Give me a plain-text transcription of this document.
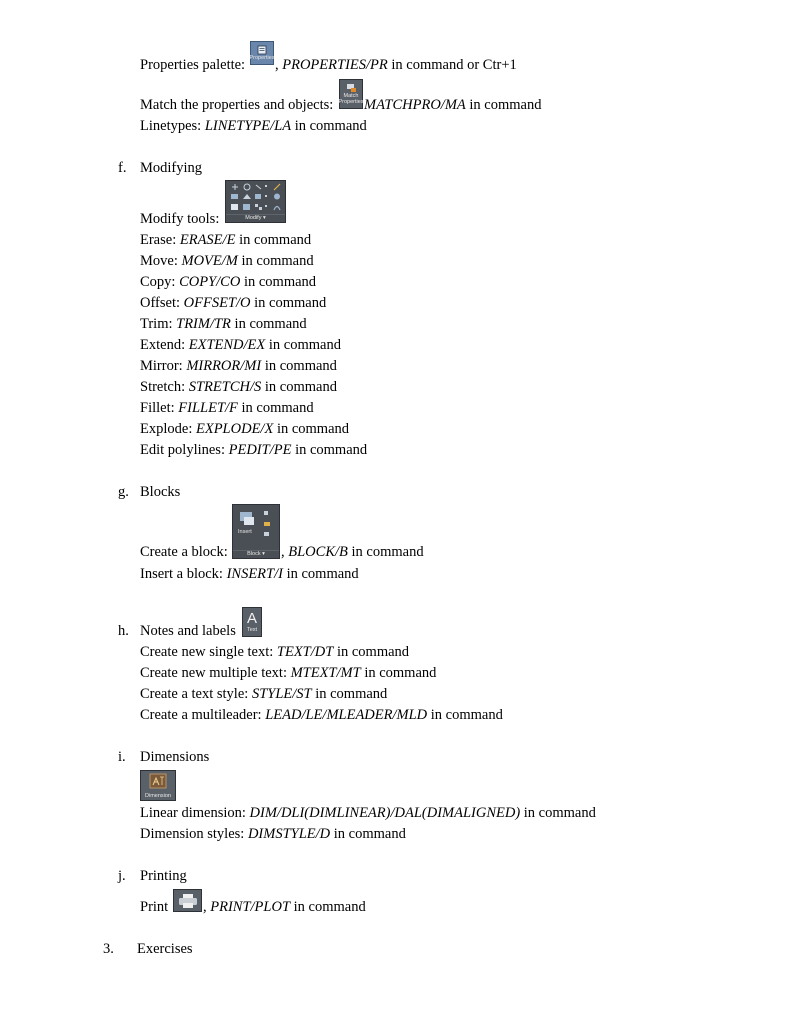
Properties palette: Properties , PROPERTIES/PR in command or Ctr+1
Match the properties and objects:
Match
Properties MATCHPRO/MA in command
Linetypes: LINETYPE/LA in command
f. Modifying
Modify ▾
Modify tools:
Erase: ERASE/E in command
Move: MOVE/M in command
Copy: COPY/CO in command
Offset: OFFSET/O in command
Trim: TRIM/TR in command
Extend: EXTEND/EX in command
Mirror: MIRROR/MI in command
Stretch: STRETCH/S in command
Fillet: FILLET/F in command
Explode: EXPLODE/X in command
Edit polylines: PEDIT/PE in command
g. Blocks
Insert
Block ▾
Create a block:	, BLOCK/B in command
Insert a block: INSERT/I in command
h. Notes and labels
A
Text
Create new single text: TEXT/DT in command
Create new multiple text: MTEXT/MT in command
Create a text style: STYLE/ST in command
Create a multileader: LEAD/LE/MLEADER/MLD in command
i. Dimensions
Dimension
Linear dimension: DIM/DLI(DIMLINEAR)/DAL(DIMALIGNED) in command
Dimension styles: DIMSTYLE/D in command
j. Printing
Print , PRINT/PLOT in command
3. Exercises
